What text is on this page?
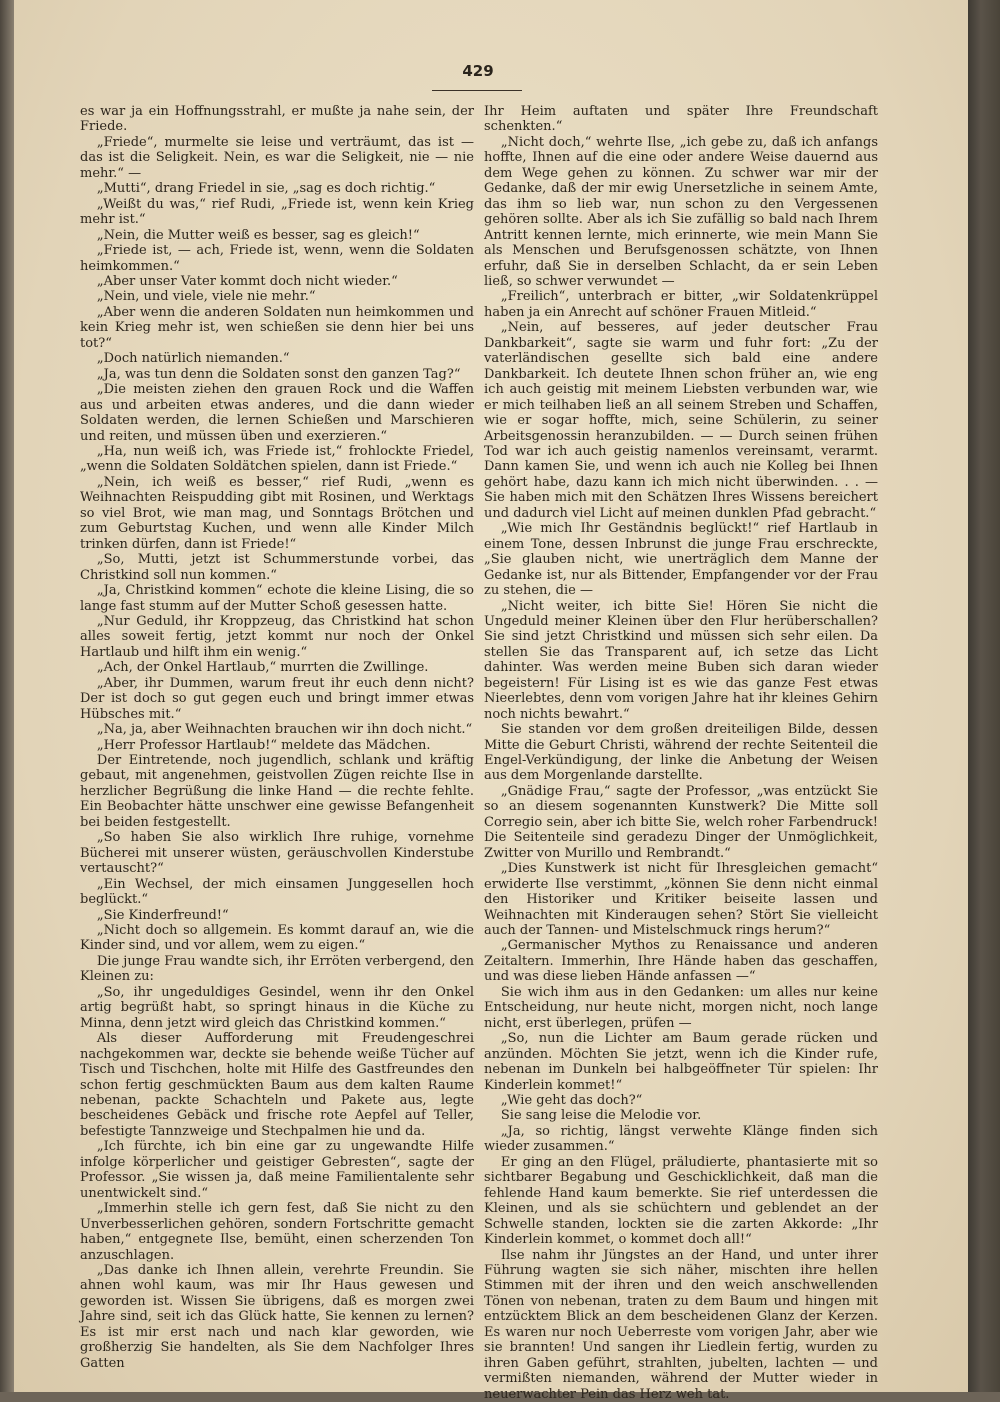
429

es war ja ein Hoffnungsstrahl, er mußte ja nahe sein, der Friede.

„Friede“, murmelte sie leise und verträumt, das ist — das ist die Seligkeit. Nein, es war die Seligkeit, nie — nie mehr.“ —

„Mutti“, drang Friedel in sie, „sag es doch richtig.“

„Weißt du was,“ rief Rudi, „Friede ist, wenn kein Krieg mehr ist.“

„Nein, die Mutter weiß es besser, sag es gleich!“

„Friede ist, — ach, Friede ist, wenn, wenn die Soldaten heimkommen.“

„Aber unser Vater kommt doch nicht wieder.“

„Nein, und viele, viele nie mehr.“

„Aber wenn die anderen Soldaten nun heimkommen und kein Krieg mehr ist, wen schießen sie denn hier bei uns tot?“

„Doch natürlich niemanden.“

„Ja, was tun denn die Soldaten sonst den ganzen Tag?“

„Die meisten ziehen den grauen Rock und die Waffen aus und arbeiten etwas anderes, und die dann wieder Soldaten werden, die lernen Schießen und Marschieren und reiten, und müssen üben und exerzieren.“

„Ha, nun weiß ich, was Friede ist,“ frohlockte Friedel, „wenn die Soldaten Soldätchen spielen, dann ist Friede.“

„Nein, ich weiß es besser,“ rief Rudi, „wenn es Weihnachten Reispudding gibt mit Rosinen, und Werktags so viel Brot, wie man mag, und Sonntags Brötchen und zum Geburtstag Kuchen, und wenn alle Kinder Milch trinken dürfen, dann ist Friede!“

„So, Mutti, jetzt ist Schummerstunde vorbei, das Christkind soll nun kommen.“

„Ja, Christkind kommen“ echote die kleine Lising, die so lange fast stumm auf der Mutter Schoß gesessen hatte.

„Nur Geduld, ihr Kroppzeug, das Christkind hat schon alles soweit fertig, jetzt kommt nur noch der Onkel Hartlaub und hilft ihm ein wenig.“

„Ach, der Onkel Hartlaub,“ murrten die Zwillinge.

„Aber, ihr Dummen, warum freut ihr euch denn nicht? Der ist doch so gut gegen euch und bringt immer etwas Hübsches mit.“

„Na, ja, aber Weihnachten brauchen wir ihn doch nicht.“

„Herr Professor Hartlaub!“ meldete das Mädchen.

Der Eintretende, noch jugendlich, schlank und kräftig gebaut, mit angenehmen, geistvollen Zügen reichte Ilse in herzlicher Begrüßung die linke Hand — die rechte fehlte. Ein Beobachter hätte unschwer eine gewisse Befangenheit bei beiden festgestellt.

„So haben Sie also wirklich Ihre ruhige, vornehme Bücherei mit unserer wüsten, geräuschvollen Kinderstube vertauscht?“

„Ein Wechsel, der mich einsamen Junggesellen hoch beglückt.“

„Sie Kinderfreund!“

„Nicht doch so allgemein. Es kommt darauf an, wie die Kinder sind, und vor allem, wem zu eigen.“

Die junge Frau wandte sich, ihr Erröten verbergend, den Kleinen zu:

„So, ihr ungeduldiges Gesindel, wenn ihr den Onkel artig begrüßt habt, so springt hinaus in die Küche zu Minna, denn jetzt wird gleich das Christkind kommen.“

Als dieser Aufforderung mit Freudengeschrei nachgekommen war, deckte sie behende weiße Tücher auf Tisch und Tischchen, holte mit Hilfe des Gastfreundes den schon fertig geschmückten Baum aus dem kalten Raume nebenan, packte Schachteln und Pakete aus, legte bescheidenes Gebäck und frische rote Aepfel auf Teller, befestigte Tannzweige und Stechpalmen hie und da.

„Ich fürchte, ich bin eine gar zu ungewandte Hilfe infolge körperlicher und geistiger Gebresten“, sagte der Professor. „Sie wissen ja, daß meine Familientalente sehr unentwickelt sind.“

„Immerhin stelle ich gern fest, daß Sie nicht zu den Unverbesserlichen gehören, sondern Fortschritte gemacht haben,“ entgegnete Ilse, bemüht, einen scherzenden Ton anzuschlagen.

„Das danke ich Ihnen allein, verehrte Freundin. Sie ahnen wohl kaum, was mir Ihr Haus gewesen und geworden ist. Wissen Sie übrigens, daß es morgen zwei Jahre sind, seit ich das Glück hatte, Sie kennen zu lernen? Es ist mir erst nach und nach klar geworden, wie großherzig Sie handelten, als Sie dem Nachfolger Ihres Gatten

Ihr Heim auftaten und später Ihre Freundschaft schenkten.“

„Nicht doch,“ wehrte Ilse, „ich gebe zu, daß ich anfangs hoffte, Ihnen auf die eine oder andere Weise dauernd aus dem Wege gehen zu können. Zu schwer war mir der Gedanke, daß der mir ewig Unersetzliche in seinem Amte, das ihm so lieb war, nun schon zu den Vergessenen gehören sollte. Aber als ich Sie zufällig so bald nach Ihrem Antritt kennen lernte, mich erinnerte, wie mein Mann Sie als Menschen und Berufsgenossen schätzte, von Ihnen erfuhr, daß Sie in derselben Schlacht, da er sein Leben ließ, so schwer verwundet —

„Freilich“, unterbrach er bitter, „wir Soldatenkrüppel haben ja ein Anrecht auf schöner Frauen Mitleid.“

„Nein, auf besseres, auf jeder deutscher Frau Dankbarkeit“, sagte sie warm und fuhr fort: „Zu der vaterländischen gesellte sich bald eine andere Dankbarkeit. Ich deutete Ihnen schon früher an, wie eng ich auch geistig mit meinem Liebsten verbunden war, wie er mich teilhaben ließ an all seinem Streben und Schaffen, wie er sogar hoffte, mich, seine Schülerin, zu seiner Arbeitsgenossin heranzubilden. — — Durch seinen frühen Tod war ich auch geistig namenlos vereinsamt, verarmt. Dann kamen Sie, und wenn ich auch nie Kolleg bei Ihnen gehört habe, dazu kann ich mich nicht überwinden. . . — Sie haben mich mit den Schätzen Ihres Wissens bereichert und dadurch viel Licht auf meinen dunklen Pfad gebracht.“

„Wie mich Ihr Geständnis beglückt!“ rief Hartlaub in einem Tone, dessen Inbrunst die junge Frau erschreckte, „Sie glauben nicht, wie unerträglich dem Manne der Gedanke ist, nur als Bittender, Empfangender vor der Frau zu stehen, die —

„Nicht weiter, ich bitte Sie! Hören Sie nicht die Ungeduld meiner Kleinen über den Flur herüberschallen? Sie sind jetzt Christkind und müssen sich sehr eilen. Da stellen Sie das Transparent auf, ich setze das Licht dahinter. Was werden meine Buben sich daran wieder begeistern! Für Lising ist es wie das ganze Fest etwas Nieerlebtes, denn vom vorigen Jahre hat ihr kleines Gehirn noch nichts bewahrt.“

Sie standen vor dem großen dreiteiligen Bilde, dessen Mitte die Geburt Christi, während der rechte Seitenteil die Engel-Verkündigung, der linke die Anbetung der Weisen aus dem Morgenlande darstellte.

„Gnädige Frau,“ sagte der Professor, „was entzückt Sie so an diesem sogenannten Kunstwerk? Die Mitte soll Corregio sein, aber ich bitte Sie, welch roher Farbendruck! Die Seitenteile sind geradezu Dinger der Unmöglichkeit, Zwitter von Murillo und Rembrandt.“

„Dies Kunstwerk ist nicht für Ihresgleichen gemacht“ erwiderte Ilse verstimmt, „können Sie denn nicht einmal den Historiker und Kritiker beiseite lassen und Weihnachten mit Kinderaugen sehen? Stört Sie vielleicht auch der Tannen- und Mistelschmuck rings herum?“

„Germanischer Mythos zu Renaissance und anderen Zeitaltern. Immerhin, Ihre Hände haben das geschaffen, und was diese lieben Hände anfassen —“

Sie wich ihm aus in den Gedanken: um alles nur keine Entscheidung, nur heute nicht, morgen nicht, noch lange nicht, erst überlegen, prüfen —

„So, nun die Lichter am Baum gerade rücken und anzünden. Möchten Sie jetzt, wenn ich die Kinder rufe, nebenan im Dunkeln bei halbgeöffneter Tür spielen: Ihr Kinderlein kommet!“

„Wie geht das doch?“

Sie sang leise die Melodie vor.

„Ja, so richtig, längst verwehte Klänge finden sich wieder zusammen.“

Er ging an den Flügel, präludierte, phantasierte mit so sichtbarer Begabung und Geschicklichkeit, daß man die fehlende Hand kaum bemerkte. Sie rief unterdessen die Kleinen, und als sie schüchtern und geblendet an der Schwelle standen, lockten sie die zarten Akkorde: „Ihr Kinderlein kommet, o kommet doch all!“

Ilse nahm ihr Jüngstes an der Hand, und unter ihrer Führung wagten sie sich näher, mischten ihre hellen Stimmen mit der ihren und den weich anschwellenden Tönen von nebenan, traten zu dem Baum und hingen mit entzücktem Blick an dem bescheidenen Glanz der Kerzen. Es waren nur noch Ueberreste vom vorigen Jahr, aber wie sie brannten! Und sangen ihr Liedlein fertig, wurden zu ihren Gaben geführt, strahlten, jubelten, lachten — und vermißten niemanden, während der Mutter wieder in neuerwachter Pein das Herz weh tat.
